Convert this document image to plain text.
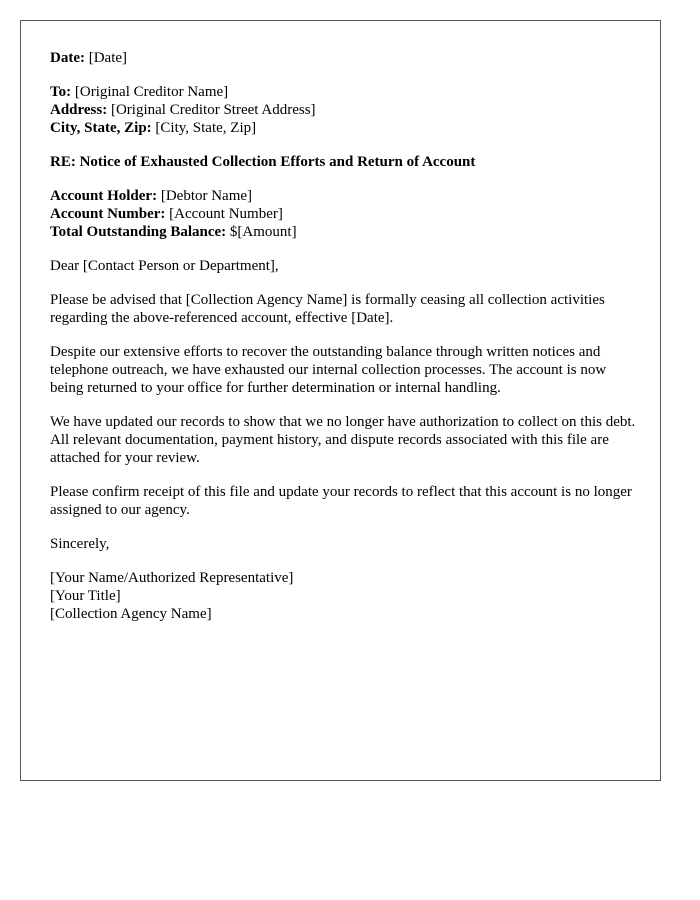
Date: [Date]

To: [Original Creditor Name]
Address: [Original Creditor Street Address]
City, State, Zip: [City, State, Zip]

RE: Notice of Exhausted Collection Efforts and Return of Account

Account Holder: [Debtor Name]
Account Number: [Account Number]
Total Outstanding Balance: $[Amount]

Dear [Contact Person or Department],

Please be advised that [Collection Agency Name] is formally ceasing all collection activities regarding the above-referenced account, effective [Date].

Despite our extensive efforts to recover the outstanding balance through written notices and telephone outreach, we have exhausted our internal collection processes. The account is now being returned to your office for further determination or internal handling.

We have updated our records to show that we no longer have authorization to collect on this debt. All relevant documentation, payment history, and dispute records associated with this file are attached for your review.

Please confirm receipt of this file and update your records to reflect that this account is no longer assigned to our agency.

Sincerely,

[Your Name/Authorized Representative]
[Your Title]
[Collection Agency Name]
